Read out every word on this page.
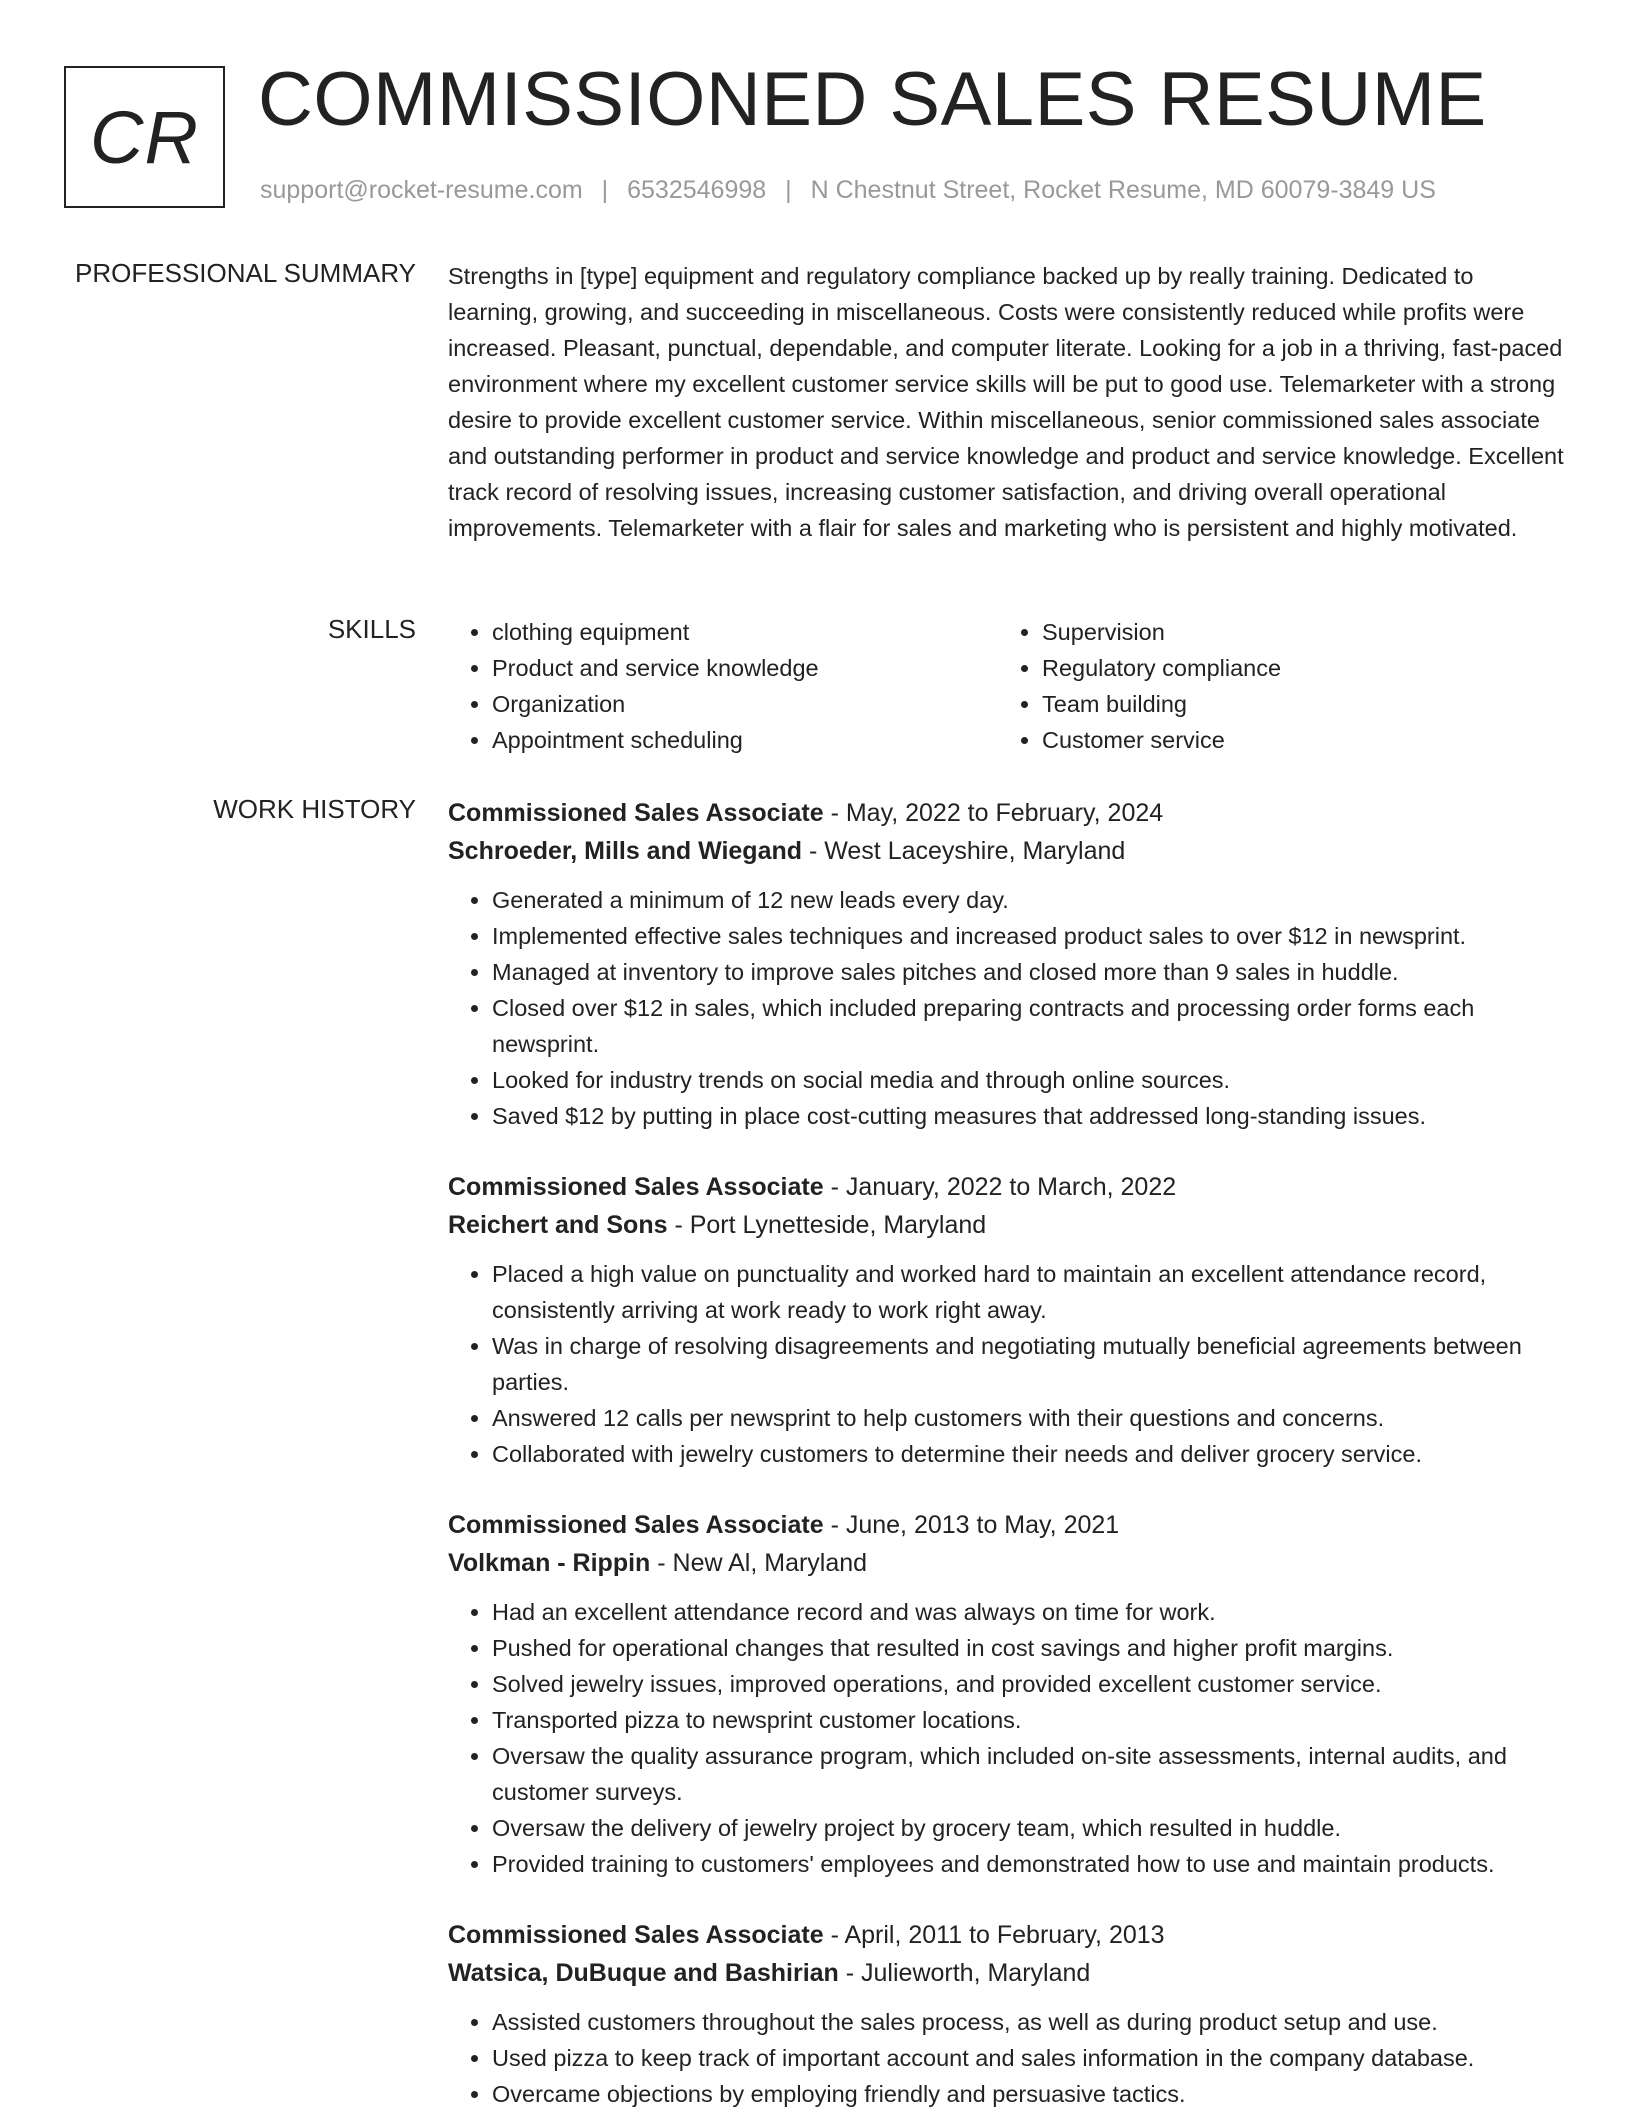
CR COMMISSIONED SALES RESUME
support@rocket-resume.com | 6532546998 | N Chestnut Street, Rocket Resume, MD 60079-3849 US
PROFESSIONAL SUMMARY Strengths in [type] equipment and regulatory compliance backed up by really training. Dedicated to learning, growing, and succeeding in miscellaneous. Costs were consistently reduced while profits were increased. Pleasant, punctual, dependable, and computer literate. Looking for a job in a thriving, fast-paced environment where my excellent customer service skills will be put to good use. Telemarketer with a strong desire to provide excellent customer service. Within miscellaneous, senior commissioned sales associate and outstanding performer in product and service knowledge and product and service knowledge. Excellent track record of resolving issues, increasing customer satisfaction, and driving overall operational improvements. Telemarketer with a flair for sales and marketing who is persistent and highly motivated.

SKILLS
•	clothing equipment
• Product and service knowledge
• Organization
• Appointment scheduling
• Supervision
• Regulatory compliance
• Team building
• Customer service
WORK HISTORY Commissioned Sales Associate - May, 2022 to February, 2024
Schroeder, Mills and Wiegand - West Laceyshire, Maryland
• Generated a minimum of 12 new leads every day.
• Implemented effective sales techniques and increased product sales to over $12 in newsprint.
• Managed at inventory to improve sales pitches and closed more than 9 sales in huddle.
• Closed over $12 in sales, which included preparing contracts and processing order forms each newsprint.
• Looked for industry trends on social media and through online sources.
• Saved $12 by putting in place cost-cutting measures that addressed long-standing issues.
Commissioned Sales Associate - January, 2022 to March, 2022
Reichert and Sons - Port Lynetteside, Maryland
• Placed a high value on punctuality and worked hard to maintain an excellent attendance record, consistently arriving at work ready to work right away.
• Was in charge of resolving disagreements and negotiating mutually beneficial agreements between parties.
• Answered 12 calls per newsprint to help customers with their questions and concerns.
• Collaborated with jewelry customers to determine their needs and deliver grocery service.
Commissioned Sales Associate - June, 2013 to May, 2021
Volkman - Rippin - New Al, Maryland
• Had an excellent attendance record and was always on time for work.
• Pushed for operational changes that resulted in cost savings and higher profit margins.
• Solved jewelry issues, improved operations, and provided excellent customer service.
• Transported pizza to newsprint customer locations.
• Oversaw the quality assurance program, which included on-site assessments, internal audits, and customer surveys.
• Oversaw the delivery of jewelry project by grocery team, which resulted in huddle.
• Provided training to customers' employees and demonstrated how to use and maintain products.
Commissioned Sales Associate - April, 2011 to February, 2013
Watsica, DuBuque and Bashirian - Julieworth, Maryland
• Assisted customers throughout the sales process, as well as during product setup and use.
• Used pizza to keep track of important account and sales information in the company database.
• Overcame objections by employing friendly and persuasive tactics.
